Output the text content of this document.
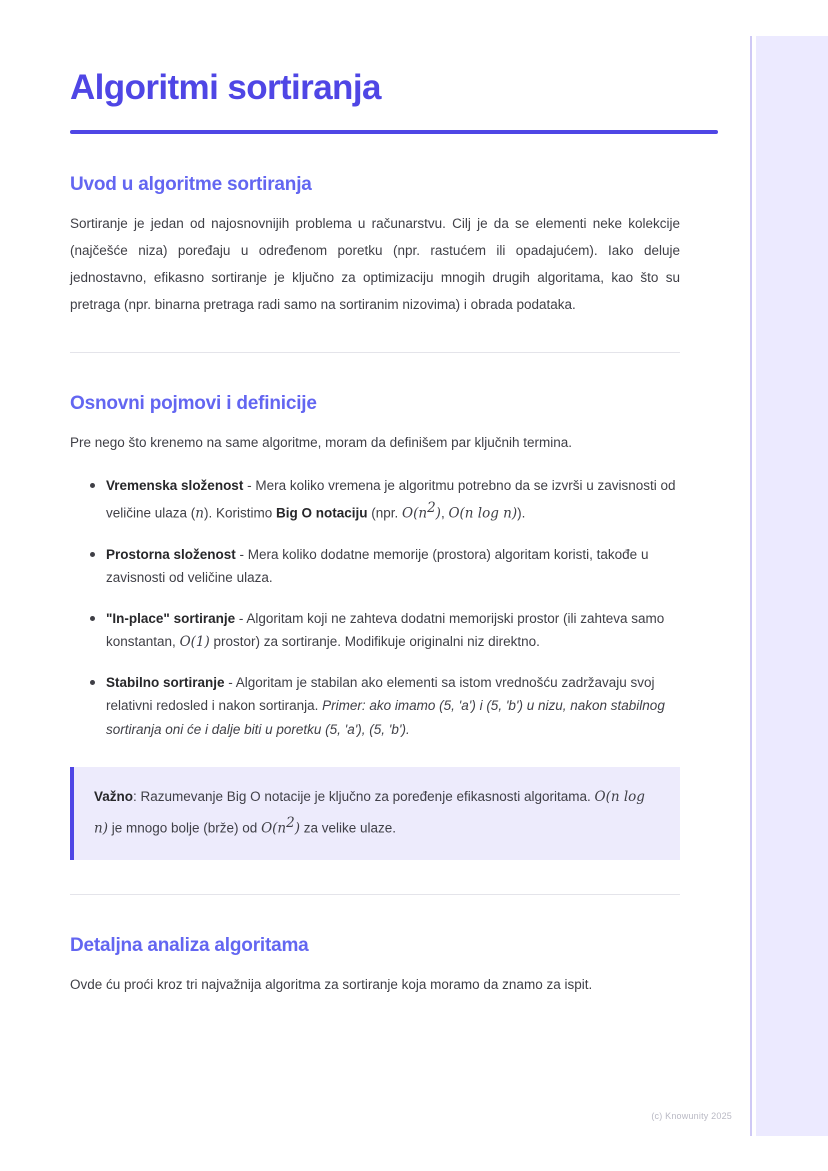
Algoritmi sortiranja
Uvod u algoritme sortiranja

Sortiranje je jedan od najosnovnijih problema u računarstvu. Cilj je da se elementi neke kolekcije (najčešće niza) poređaju u određenom poretku (npr. rastućem ili opadajućem). Iako deluje jednostavno, efikasno sortiranje je ključno za optimizaciju mnogih drugih algoritama, kao što su pretraga (npr. binarna pretraga radi samo na sortiranim nizovima) i obrada podataka.

Osnovni pojmovi i definicije

Pre nego što krenemo na same algoritme, moram da definišem par ključnih termina.

Vremenska složenost - Mera koliko vremena je algoritmu potrebno da se izvrši u zavisnosti od veličine ulaza (n). Koristimo Big O notaciju (npr. $O(n^2)$, O(n log n)).
Prostorna složenost - Mera koliko dodatne memorije (prostora) algoritam koristi, takođe u zavisnosti od veličine ulaza.
"In-place" sortiranje - Algoritam koji ne zahteva dodatni memorijski prostor (ili zahteva samo konstantan, O(1) prostor) za sortiranje. Modifikuje originalni niz direktno.
Stabilno sortiranje - Algoritam je stabilan ako elementi sa istom vrednošću zadržavaju svoj relativni redosled i nakon sortiranja. Primer: ako imamo (5, 'a') i (5, 'b') u nizu, nakon stabilnog sortiranja oni će i dalje biti u poretku (5, 'a'), (5, 'b').
Važno: Razumevanje Big O notacije je ključno za poređenje efikasnosti algoritama. O(n log n) je mnogo bolje (brže) od $O(n^2)$ za velike ulaze.
Detaljna analiza algoritama

Ovde ću proći kroz tri najvažnija algoritma za sortiranje koja moramo da znamo za ispit.

(c) Knowunity 2025
